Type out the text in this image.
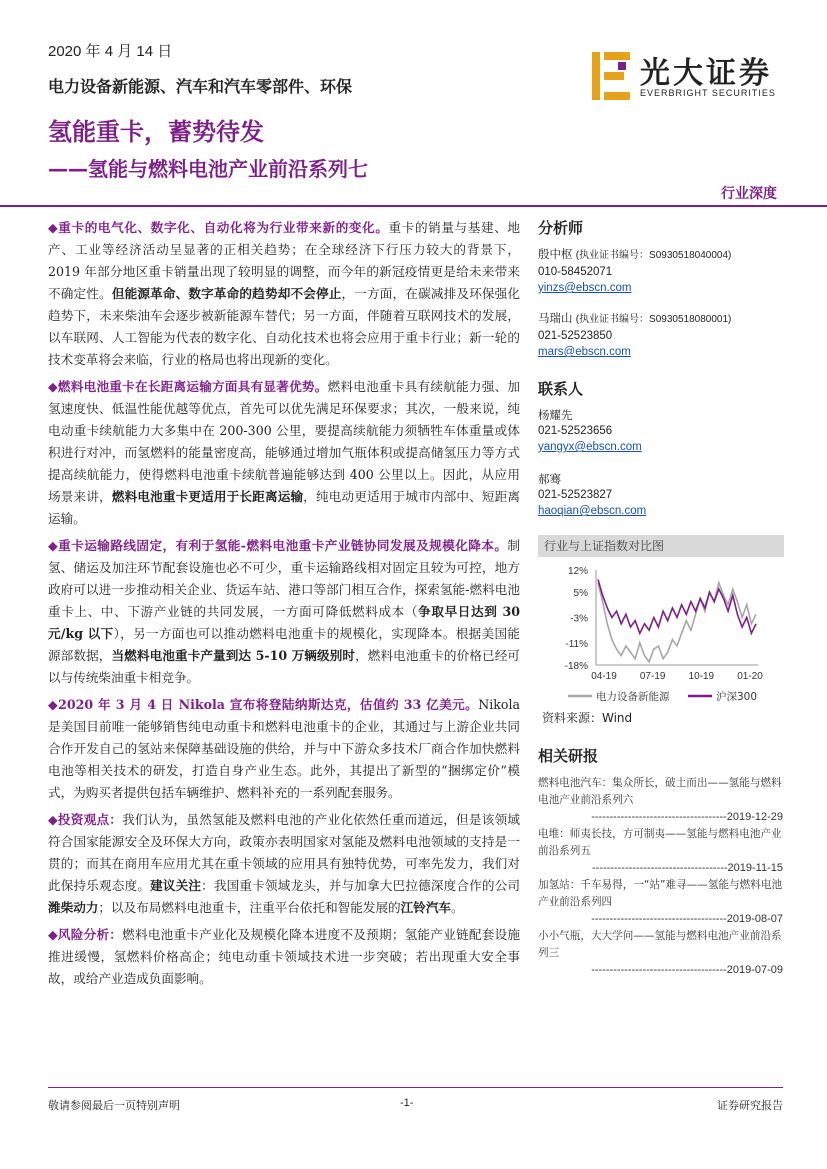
2020 年 4 月 14 日
电力设备新能源、汽车和汽车零部件、环保
氢能重卡，蓄势待发
——氢能与燃料电池产业前沿系列七
行业深度
光大证券
EVERBRIGHT SECURITIES

◆重卡的电气化、数字化、自动化将为行业带来新的变化。重卡的销量与基建、地产、工业等经济活动呈显著的正相关趋势；在全球经济下行压力较大的背景下，2019 年部分地区重卡销量出现了较明显的调整，而今年的新冠疫情更是给未来带来不确定性。但能源革命、数字革命的趋势却不会停止，一方面，在碳减排及环保强化趋势下，未来柴油车会逐步被新能源车替代；另一方面，伴随着互联网技术的发展，以车联网、人工智能为代表的数字化、自动化技术也将会应用于重卡行业；新一轮的技术变革将会来临，行业的格局也将出现新的变化。

◆燃料电池重卡在长距离运输方面具有显著优势。燃料电池重卡具有续航能力强、加氢速度快、低温性能优越等优点，首先可以优先满足环保要求；其次，一般来说，纯电动重卡续航能力大多集中在 200-300 公里，要提高续航能力须牺牲车体重量或体积进行对冲，而氢燃料的能量密度高，能够通过增加气瓶体积或提高储氢压力等方式提高续航能力，使得燃料电池重卡续航普遍能够达到 400 公里以上。因此，从应用场景来讲，燃料电池重卡更适用于长距离运输，纯电动更适用于城市内部中、短距离运输。

◆重卡运输路线固定，有利于氢能-燃料电池重卡产业链协同发展及规模化降本。制氢、储运及加注环节配套设施也必不可少，重卡运输路线相对固定且较为可控，地方政府可以进一步推动相关企业、货运车站、港口等部门相互合作，探索氢能-燃料电池重卡上、中、下游产业链的共同发展，一方面可降低燃料成本（争取早日达到 30 元/kg 以下），另一方面也可以推动燃料电池重卡的规模化，实现降本。根据美国能源部数据，当燃料电池重卡产量到达 5-10 万辆级别时，燃料电池重卡的价格已经可以与传统柴油重卡相竞争。

◆2020 年 3 月 4 日 Nikola 宣布将登陆纳斯达克，估值约 33 亿美元。Nikola 是美国目前唯一能够销售纯电动重卡和燃料电池重卡的企业，其通过与上游企业共同合作开发自己的氢站来保障基础设施的供给，并与中下游众多技术厂商合作加快燃料电池等相关技术的研发，打造自身产业生态。此外，其提出了新型的“捆绑定价”模式，为购买者提供包括车辆维护、燃料补充的一系列配套服务。

◆投资观点：我们认为，虽然氢能及燃料电池的产业化依然任重而道远，但是该领域符合国家能源安全及环保大方向，政策亦表明国家对氢能及燃料电池领域的支持是一贯的；而其在商用车应用尤其在重卡领域的应用具有独特优势，可率先发力，我们对此保持乐观态度。建议关注：我国重卡领域龙头，并与加拿大巴拉德深度合作的公司潍柴动力；以及布局燃料电池重卡，注重平台依托和智能发展的江铃汽车。

◆风险分析：燃料电池重卡产业化及规模化降本进度不及预期；氢能产业链配套设施推进缓慢，氢燃料价格高企；纯电动重卡领域技术进一步突破；若出现重大安全事故，或给产业造成负面影响。

分析师
殷中枢 (执业证书编号：S0930518040004)
010-58452071
yinzs@ebscn.com
马瑞山 (执业证书编号：S0930518080001)
021-52523850
mars@ebscn.com
联系人
杨耀先
021-52523656
yangyx@ebscn.com
郝骞
021-52523827
haoqian@ebscn.com
行业与上证指数对比图
12%
5%
-3%
-11%
-18%
04-19 07-19 10-19 01-20
电力设备新能源	沪深300
资料来源：Wind
相关研报
燃料电池汽车：集众所长，破土而出——氢能与燃料电池产业前沿系列六
-------------------------------------2019-12-29
电堆：师夷长技，方可制夷——氢能与燃料电池产业前沿系列五
-------------------------------------2019-11-15
加氢站：千车易得，一“站”难寻——氢能与燃料电池产业前沿系列四
-------------------------------------2019-08-07
小小气瓶，大大学问——氢能与燃料电池产业前沿系列三
-------------------------------------2019-07-09
敬请参阅最后一页特别声明	-1-	证券研究报告
